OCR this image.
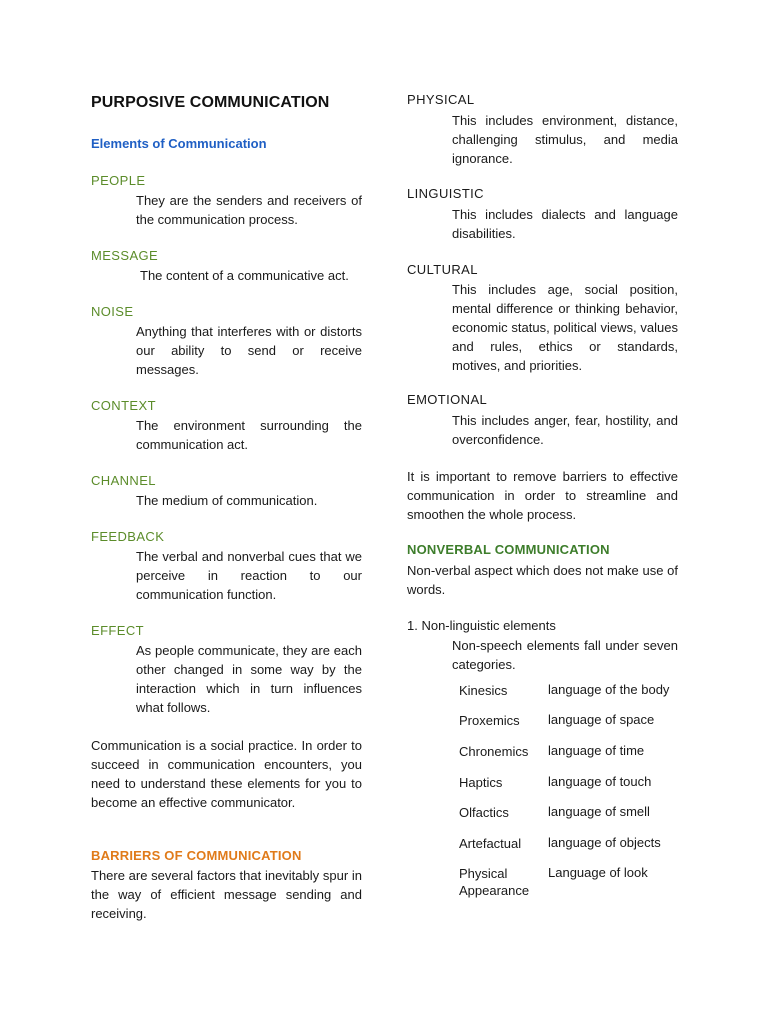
PURPOSIVE COMMUNICATION
Elements of Communication
PEOPLE
They are the senders and receivers of the communication process.
MESSAGE
The content of a communicative act.
NOISE
Anything that interferes with or distorts our ability to send or receive messages.
CONTEXT
The environment surrounding the communication act.
CHANNEL
The medium of communication.
FEEDBACK
The verbal and nonverbal cues that we perceive in reaction to our communication function.
EFFECT
As people communicate, they are each other changed in some way by the interaction which in turn influences what follows.
Communication is a social practice. In order to succeed in communication encounters, you need to understand these elements for you to become an effective communicator.
BARRIERS OF COMMUNICATION
There are several factors that inevitably spur in the way of efficient message sending and receiving.
PHYSICAL
This includes environment, distance, challenging stimulus, and media ignorance.
LINGUISTIC
This includes dialects and language disabilities.
CULTURAL
This includes age, social position, mental difference or thinking behavior, economic status, political views, values and rules, ethics or standards, motives, and priorities.
EMOTIONAL
This includes anger, fear, hostility, and overconfidence.
It is important to remove barriers to effective communication in order to streamline and smoothen the whole process.
NONVERBAL COMMUNICATION
Non-verbal aspect which does not make use of words.
1. Non-linguistic elements
Non-speech elements fall under seven categories.
Kinesics	language of the body
Proxemics	language of space
Chronemics	language of time
Haptics	language of touch
Olfactics	language of smell
Artefactual	language of objects
Physical Appearance
Language of look
